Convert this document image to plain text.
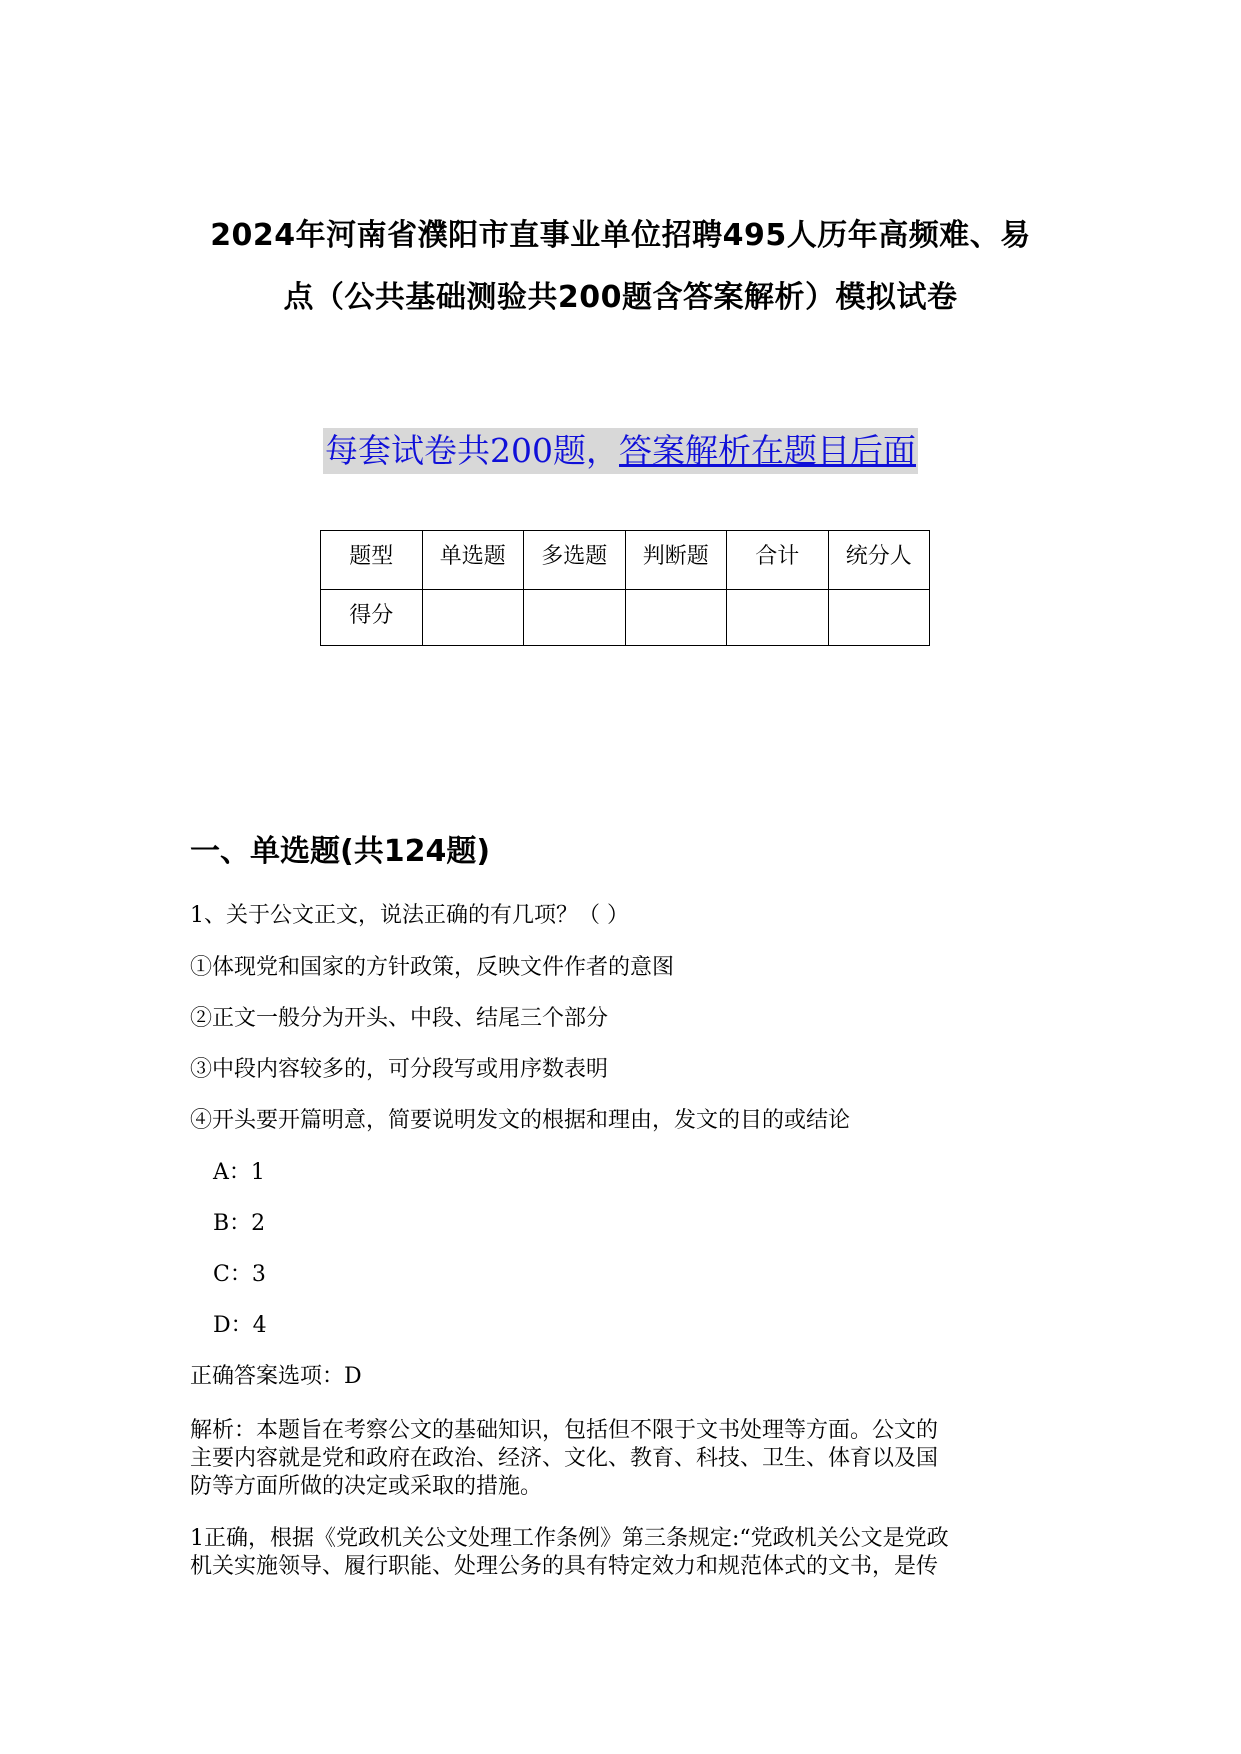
2024年河南省濮阳市直事业单位招聘495人历年高频难、易
点（公共基础测验共200题含答案解析）模拟试卷
每套试卷共200题，答案解析在题目后面
题型	单选题	多选题	判断题	合计	统分人
得分					
一、单选题(共124题)
1、关于公文正文，说法正确的有几项？（ ）
①体现党和国家的方针政策，反映文件作者的意图
②正文一般分为开头、中段、结尾三个部分
③中段内容较多的，可分段写或用序数表明
④开头要开篇明意，简要说明发文的根据和理由，发文的目的或结论
A：1
B：2
C：3
D：4
正确答案选项：D
解析：本题旨在考察公文的基础知识，包括但不限于文书处理等方面。公文的
主要内容就是党和政府在政治、经济、文化、教育、科技、卫生、体育以及国
防等方面所做的决定或采取的措施。
1正确，根据《党政机关公文处理工作条例》第三条规定:“党政机关公文是党政
机关实施领导、履行职能、处理公务的具有特定效力和规范体式的文书，是传
